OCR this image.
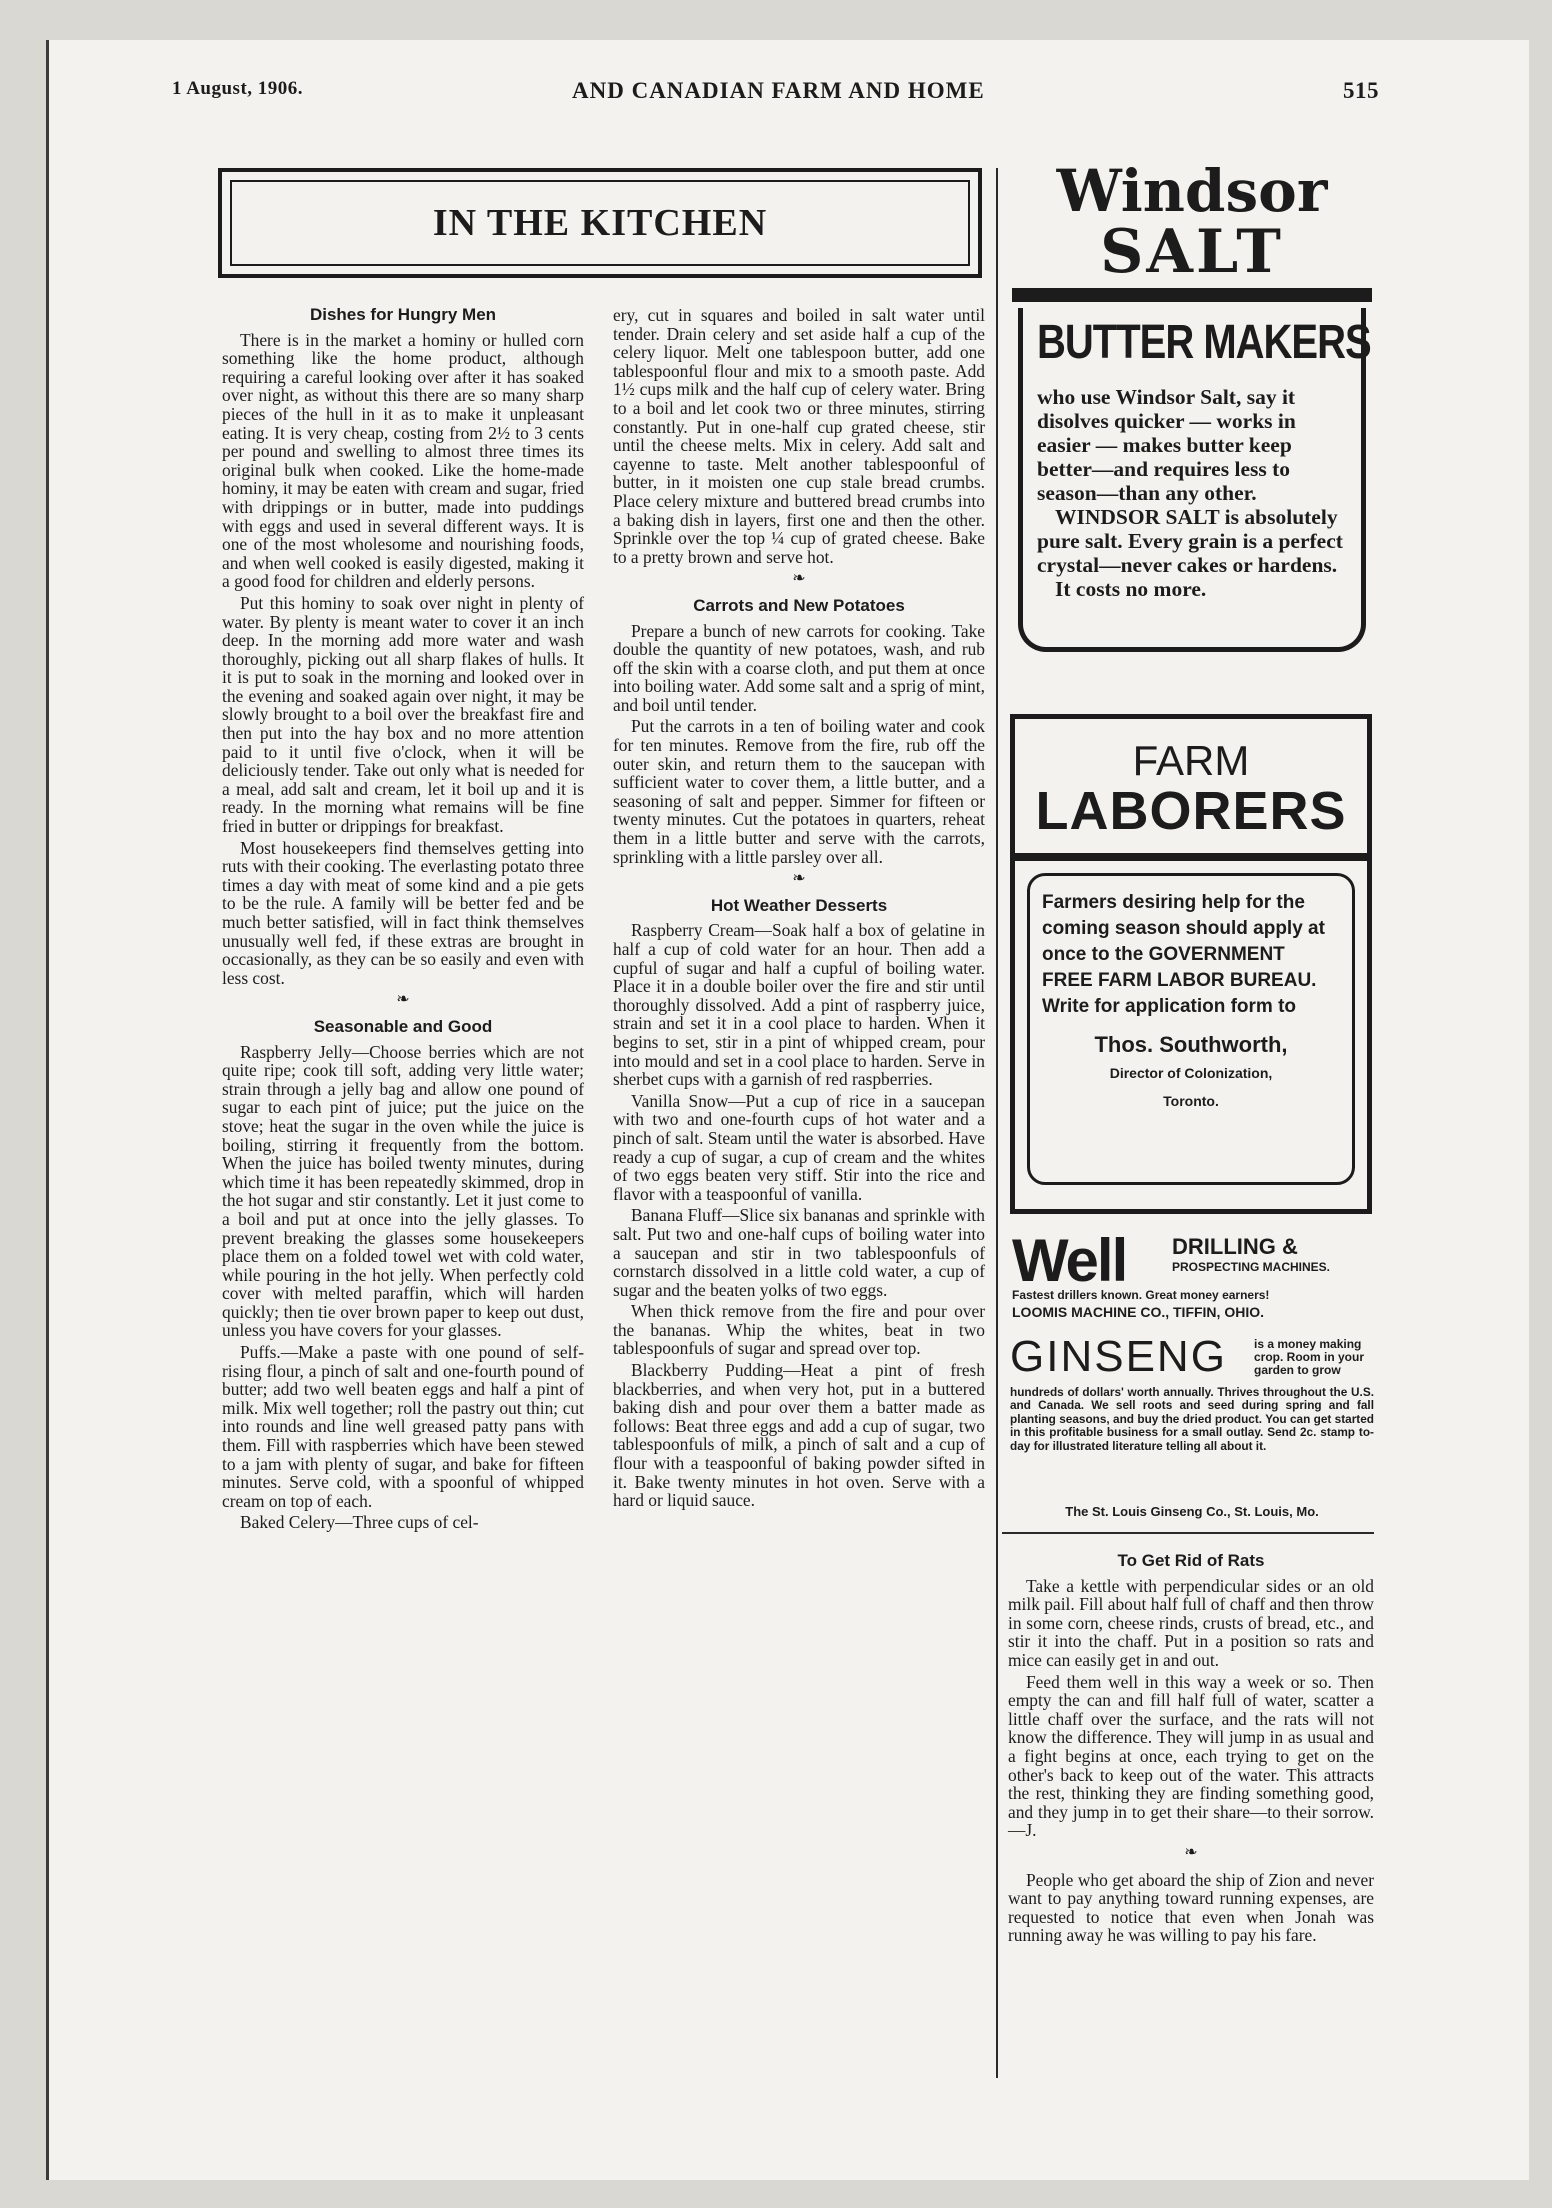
1 August, 1906.	AND CANADIAN FARM AND HOME	515
IN THE KITCHEN
Dishes for Hungry Men

There is in the market a hominy or hulled corn something like the home product, although requiring a careful looking over after it has soaked over night, as without this there are so many sharp pieces of the hull in it as to make it unpleasant eating. It is very cheap, costing from 2½ to 3 cents per pound and swelling to almost three times its original bulk when cooked. Like the home-made hominy, it may be eaten with cream and sugar, fried with drippings or in butter, made into puddings with eggs and used in several different ways. It is one of the most wholesome and nourishing foods, and when well cooked is easily digested, making it a good food for children and elderly persons.

Put this hominy to soak over night in plenty of water. By plenty is meant water to cover it an inch deep. In the morning add more water and wash thoroughly, picking out all sharp flakes of hulls. It it is put to soak in the morning and looked over in the evening and soaked again over night, it may be slowly brought to a boil over the breakfast fire and then put into the hay box and no more attention paid to it until five o'clock, when it will be deliciously tender. Take out only what is needed for a meal, add salt and cream, let it boil up and it is ready. In the morning what remains will be fine fried in butter or drippings for breakfast.

Most housekeepers find themselves getting into ruts with their cooking. The everlasting potato three times a day with meat of some kind and a pie gets to be the rule. A family will be better fed and be much better satisfied, will in fact think themselves unusually well fed, if these extras are brought in occasionally, as they can be so easily and even with less cost.

❧
Seasonable and Good

Raspberry Jelly—Choose berries which are not quite ripe; cook till soft, adding very little water; strain through a jelly bag and allow one pound of sugar to each pint of juice; put the juice on the stove; heat the sugar in the oven while the juice is boiling, stirring it frequently from the bottom. When the juice has boiled twenty minutes, during which time it has been repeatedly skimmed, drop in the hot sugar and stir constantly. Let it just come to a boil and put at once into the jelly glasses. To prevent breaking the glasses some housekeepers place them on a folded towel wet with cold water, while pouring in the hot jelly. When perfectly cold cover with melted paraffin, which will harden quickly; then tie over brown paper to keep out dust, unless you have covers for your glasses.

Puffs.—Make a paste with one pound of self-rising flour, a pinch of salt and one-fourth pound of butter; add two well beaten eggs and half a pint of milk. Mix well together; roll the pastry out thin; cut into rounds and line well greased patty pans with them. Fill with raspberries which have been stewed to a jam with plenty of sugar, and bake for fifteen minutes. Serve cold, with a spoonful of whipped cream on top of each.

Baked Celery—Three cups of cel-

ery, cut in squares and boiled in salt water until tender. Drain celery and set aside half a cup of the celery liquor. Melt one tablespoon butter, add one tablespoonful flour and mix to a smooth paste. Add 1½ cups milk and the half cup of celery water. Bring to a boil and let cook two or three minutes, stirring constantly. Put in one-half cup grated cheese, stir until the cheese melts. Mix in celery. Add salt and cayenne to taste. Melt another tablespoonful of butter, in it moisten one cup stale bread crumbs. Place celery mixture and buttered bread crumbs into a baking dish in layers, first one and then the other. Sprinkle over the top ¼ cup of grated cheese. Bake to a pretty brown and serve hot.

❧
Carrots and New Potatoes

Prepare a bunch of new carrots for cooking. Take double the quantity of new potatoes, wash, and rub off the skin with a coarse cloth, and put them at once into boiling water. Add some salt and a sprig of mint, and boil until tender.

Put the carrots in a ten of boiling water and cook for ten minutes. Remove from the fire, rub off the outer skin, and return them to the saucepan with sufficient water to cover them, a little butter, and a seasoning of salt and pepper. Simmer for fifteen or twenty minutes. Cut the potatoes in quarters, reheat them in a little butter and serve with the carrots, sprinkling with a little parsley over all.

❧
Hot Weather Desserts

Raspberry Cream—Soak half a box of gelatine in half a cup of cold water for an hour. Then add a cupful of sugar and half a cupful of boiling water. Place it in a double boiler over the fire and stir until thoroughly dissolved. Add a pint of raspberry juice, strain and set it in a cool place to harden. When it begins to set, stir in a pint of whipped cream, pour into mould and set in a cool place to harden. Serve in sherbet cups with a garnish of red raspberries.

Vanilla Snow—Put a cup of rice in a saucepan with two and one-fourth cups of hot water and a pinch of salt. Steam until the water is absorbed. Have ready a cup of sugar, a cup of cream and the whites of two eggs beaten very stiff. Stir into the rice and flavor with a teaspoonful of vanilla.

Banana Fluff—Slice six bananas and sprinkle with salt. Put two and one-half cups of boiling water into a saucepan and stir in two tablespoonfuls of cornstarch dissolved in a little cold water, a cup of sugar and the beaten yolks of two eggs.

When thick remove from the fire and pour over the bananas. Whip the whites, beat in two tablespoonfuls of sugar and spread over top.

Blackberry Pudding—Heat a pint of fresh blackberries, and when very hot, put in a buttered baking dish and pour over them a batter made as follows: Beat three eggs and add a cup of sugar, two tablespoonfuls of milk, a pinch of salt and a cup of flour with a teaspoonful of baking powder sifted in it. Bake twenty minutes in hot oven. Serve with a hard or liquid sauce.

Windsor
SALT
BUTTER MAKERS

who use Windsor Salt, say it disolves quicker — works in easier — makes butter keep better—and requires less to season—than any other.

WINDSOR SALT is absolutely pure salt. Every grain is a perfect crystal—never cakes or hardens.

It costs no more.

FARM
LABORERS

Farmers desiring help for the coming season should apply at once to the GOVERNMENT FREE FARM LABOR BUREAU.

Write for application form to

Thos. Southworth,

Director of Colonization,

Toronto.

Well DRILLING &
PROSPECTING MACHINES.
Fastest drillers known. Great money earners!
LOOMIS MACHINE CO., TIFFIN, OHIO.
GINSENG is a money making crop. Room in your garden to grow
hundreds of dollars' worth annually. Thrives throughout the U.S. and Canada. We sell roots and seed during spring and fall planting seasons, and buy the dried product. You can get started in this profitable business for a small outlay. Send 2c. stamp to-day for illustrated literature telling all about it.
The St. Louis Ginseng Co., St. Louis, Mo.
To Get Rid of Rats

Take a kettle with perpendicular sides or an old milk pail. Fill about half full of chaff and then throw in some corn, cheese rinds, crusts of bread, etc., and stir it into the chaff. Put in a position so rats and mice can easily get in and out.

Feed them well in this way a week or so. Then empty the can and fill half full of water, scatter a little chaff over the surface, and the rats will not know the difference. They will jump in as usual and a fight begins at once, each trying to get on the other's back to keep out of the water. This attracts the rest, thinking they are finding something good, and they jump in to get their share—to their sorrow.—J.

❧

People who get aboard the ship of Zion and never want to pay anything toward running expenses, are requested to notice that even when Jonah was running away he was willing to pay his fare.
